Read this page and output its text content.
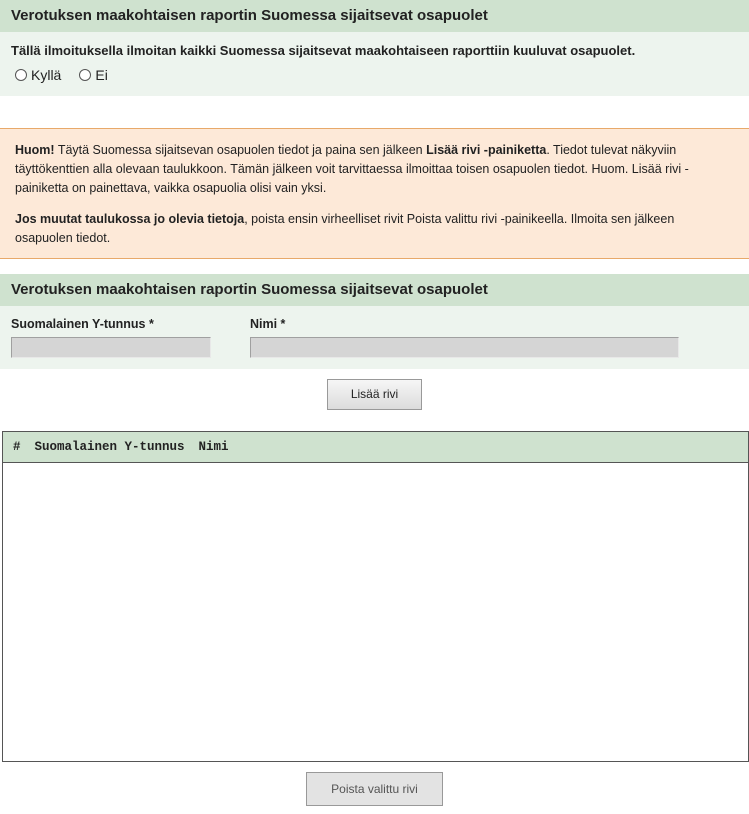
Verotuksen maakohtaisen raportin Suomessa sijaitsevat osapuolet
Tällä ilmoituksella ilmoitan kaikki Suomessa sijaitsevat maakohtaiseen raporttiin kuuluvat osapuolet.
Kyllä Ei

Huom! Täytä Suomessa sijaitsevan osapuolen tiedot ja paina sen jälkeen Lisää rivi -painiketta. Tiedot tulevat näkyviin täyttökenttien alla olevaan taulukkoon. Tämän jälkeen voit tarvittaessa ilmoittaa toisen osapuolen tiedot. Huom. Lisää rivi -painiketta on painettava, vaikka osapuolia olisi vain yksi.

Jos muutat taulukossa jo olevia tietoja, poista ensin virheelliset rivit Poista valittu rivi -painikeella. Ilmoita sen jälkeen osapuolen tiedot.

Verotuksen maakohtaisen raportin Suomessa sijaitsevat osapuolet
Suomalainen Y-tunnus *	Nimi *
Lisää rivi
# Suomalainen Y-tunnus Nimi
Poista valittu rivi
